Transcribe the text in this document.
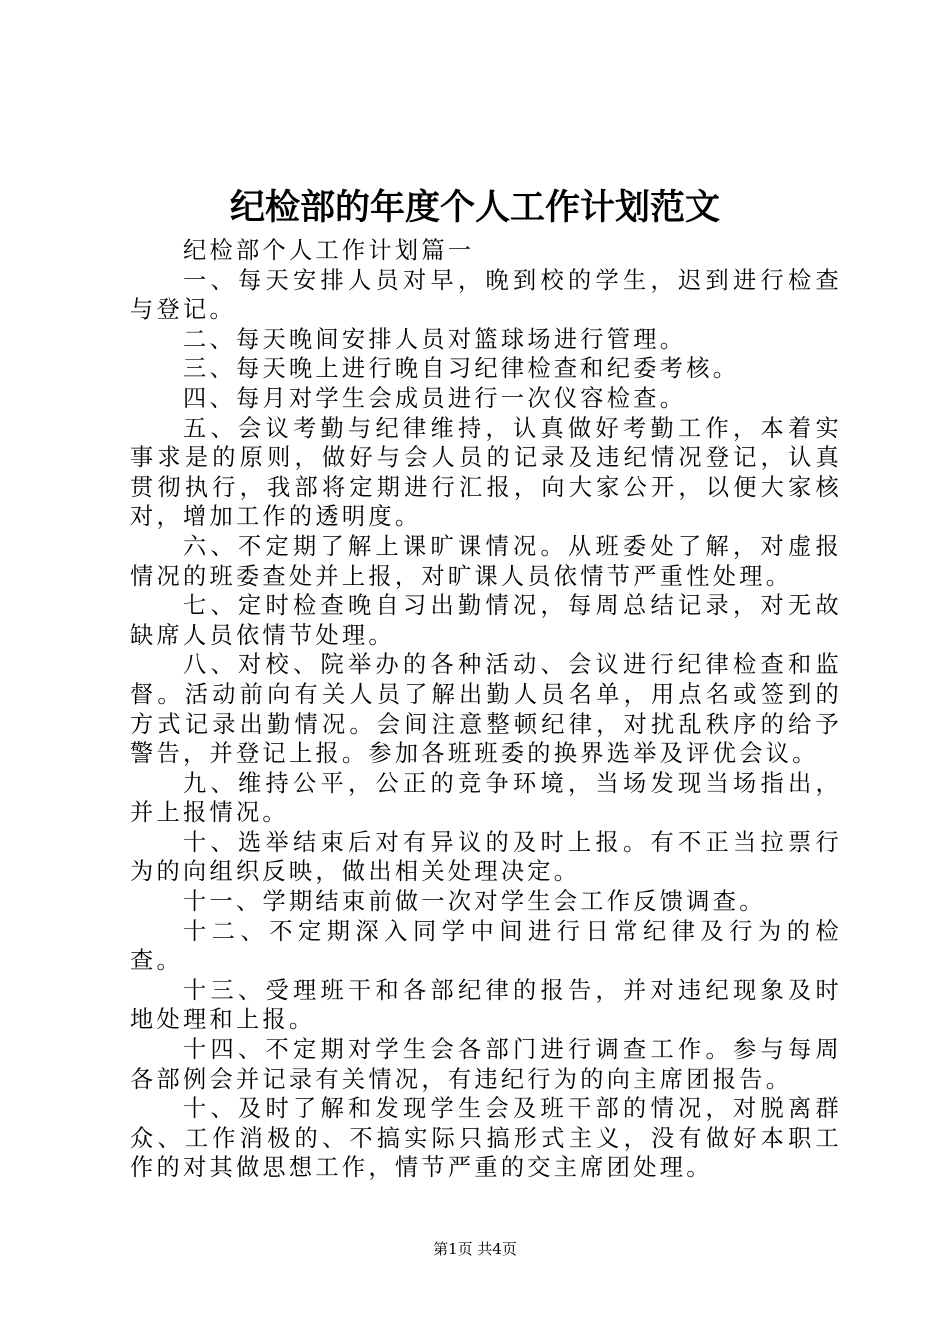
纪检部的年度个人工作计划范文

纪检部个人工作计划篇一

一、每天安排人员对早，晚到校的学生，迟到进行检查与登记。

二、每天晚间安排人员对篮球场进行管理。

三、每天晚上进行晚自习纪律检查和纪委考核。

四、每月对学生会成员进行一次仪容检查。

五、会议考勤与纪律维持，认真做好考勤工作，本着实事求是的原则，做好与会人员的记录及违纪情况登记，认真贯彻执行，我部将定期进行汇报，向大家公开，以便大家核对，增加工作的透明度。

六、不定期了解上课旷课情况。从班委处了解，对虚报情况的班委查处并上报，对旷课人员依情节严重性处理。

七、定时检查晚自习出勤情况，每周总结记录，对无故缺席人员依情节处理。

八、对校、院举办的各种活动、会议进行纪律检查和监督。活动前向有关人员了解出勤人员名单，用点名或签到的方式记录出勤情况。会间注意整顿纪律，对扰乱秩序的给予警告，并登记上报。参加各班班委的换界选举及评优会议。

九、维持公平，公正的竞争环境，当场发现当场指出，并上报情况。

十、选举结束后对有异议的及时上报。有不正当拉票行为的向组织反映，做出相关处理决定。

十一、学期结束前做一次对学生会工作反馈调查。

十二、不定期深入同学中间进行日常纪律及行为的检查。

十三、受理班干和各部纪律的报告，并对违纪现象及时地处理和上报。

十四、不定期对学生会各部门进行调查工作。参与每周各部例会并记录有关情况，有违纪行为的向主席团报告。

十、及时了解和发现学生会及班干部的情况，对脱离群众、工作消极的、不搞实际只搞形式主义，没有做好本职工作的对其做思想工作，情节严重的交主席团处理。

第1页 共4页
